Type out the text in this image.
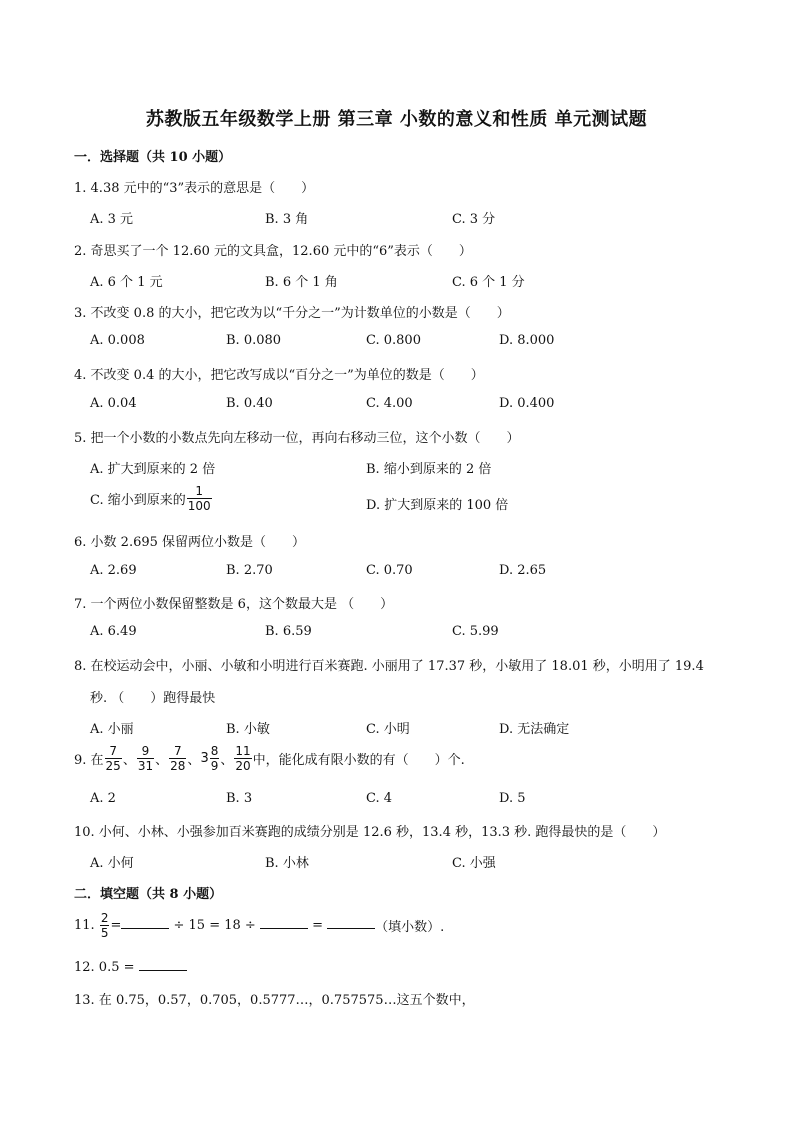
苏教版五年级数学上册 第三章 小数的意义和性质 单元测试题
一．选择题（共 10 小题）
1. 4.38 元中的“3”表示的意思是（　　）
A. 3 元	B. 3 角	C. 3 分
2. 奇思买了一个 12.60 元的文具盒，12.60 元中的“6”表示（　　）
A. 6 个 1 元	B. 6 个 1 角	C. 6 个 1 分
3. 不改变 0.8 的大小，把它改为以“千分之一”为计数单位的小数是（　　）
A. 0.008	B. 0.080	C. 0.800	D. 8.000
4. 不改变 0.4 的大小，把它改写成以“百分之一”为单位的数是（　　）
A. 0.04	B. 0.40	C. 4.00	D. 0.400
5. 把一个小数的小数点先向左移动一位，再向右移动三位，这个小数（　　）
A. 扩大到原来的 2 倍	B. 缩小到原来的 2 倍
C. 缩小到原来的 $\frac{1}{100}$	D. 扩大到原来的 100 倍
6. 小数 2.695 保留两位小数是（　　）
A. 2.69	B. 2.70	C. 0.70	D. 2.65
7. 一个两位小数保留整数是 6，这个数最大是 （　　）
A. 6.49	B. 6.59	C. 5.99
8. 在校运动会中，小丽、小敏和小明进行百米赛跑. 小丽用了 17.37 秒，小敏用了 18.01 秒，小明用了 19.4
秒. （　　）跑得最快
A. 小丽	B. 小敏	C. 小明	D. 无法确定
9. 在 $\frac{7}{25}$ 、 $\frac{9}{31}$ 、 $\frac{7}{28}$ 、$3 \frac{8}{9}$ 、 $\frac{11}{20}$ 中，能化成有限小数的有（　　）个.
A. 2	B. 3	C. 4	D. 5
10. 小何、小林、小强参加百米赛跑的成绩分别是 12.6 秒，13.4 秒，13.3 秒. 跑得最快的是（　　）
A. 小何	B. 小林	C. 小强
二．填空题（共 8 小题）
11. $\frac{2}{5}$ =	÷ 15 = 18 ÷	=	（填小数）.
12. 0.5 =
13. 在 0.75，0.57，0.705，0.5777…，0.757575…这五个数中，
